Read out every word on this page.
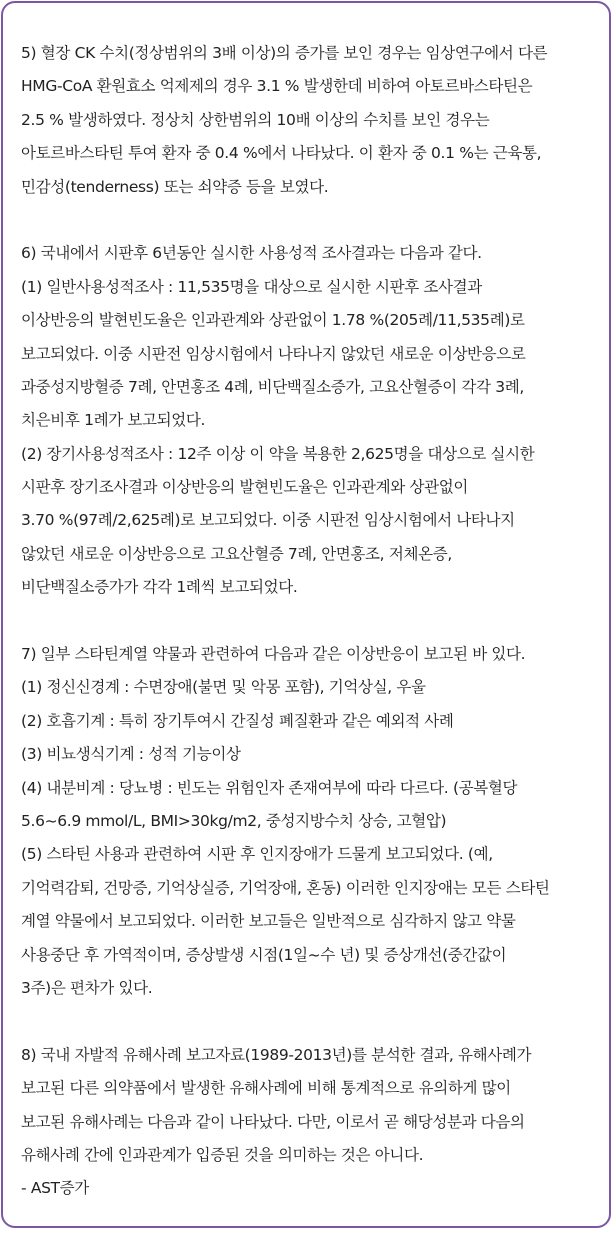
5) 혈장 CK 수치(정상범위의 3배 이상)의 증가를 보인 경우는 임상연구에서 다른
HMG-CoA 환원효소 억제제의 경우 3.1 % 발생한데 비하여 아토르바스타틴은
2.5 % 발생하였다. 정상치 상한범위의 10배 이상의 수치를 보인 경우는
아토르바스타틴 투여 환자 중 0.4 %에서 나타났다. 이 환자 중 0.1 %는 근육통,
민감성(tenderness) 또는 쇠약증 등을 보였다.
6) 국내에서 시판후 6년동안 실시한 사용성적 조사결과는 다음과 같다.
(1) 일반사용성적조사 : 11,535명을 대상으로 실시한 시판후 조사결과
이상반응의 발현빈도율은 인과관계와 상관없이 1.78 %(205례/11,535례)로
보고되었다. 이중 시판전 임상시험에서 나타나지 않았던 새로운 이상반응으로
과중성지방혈증 7례, 안면홍조 4례, 비단백질소증가, 고요산혈증이 각각 3례,
치은비후 1례가 보고되었다.
(2) 장기사용성적조사 : 12주 이상 이 약을 복용한 2,625명을 대상으로 실시한
시판후 장기조사결과 이상반응의 발현빈도율은 인과관계와 상관없이
3.70 %(97례/2,625례)로 보고되었다. 이중 시판전 임상시험에서 나타나지
않았던 새로운 이상반응으로 고요산혈증 7례, 안면홍조, 저체온증,
비단백질소증가가 각각 1례씩 보고되었다.
7) 일부 스타틴계열 약물과 관련하여 다음과 같은 이상반응이 보고된 바 있다.
(1) 정신신경계 : 수면장애(불면 및 악몽 포함), 기억상실, 우울
(2) 호흡기계 : 특히 장기투여시 간질성 폐질환과 같은 예외적 사례
(3) 비뇨생식기계 : 성적 기능이상
(4) 내분비계 : 당뇨병 : 빈도는 위험인자 존재여부에 따라 다르다. (공복혈당
5.6~6.9 mmol/L, BMI>30kg/m2, 중성지방수치 상승, 고혈압)
(5) 스타틴 사용과 관련하여 시판 후 인지장애가 드물게 보고되었다. (예,
기억력감퇴, 건망증, 기억상실증, 기억장애, 혼동) 이러한 인지장애는 모든 스타틴
계열 약물에서 보고되었다. 이러한 보고들은 일반적으로 심각하지 않고 약물
사용중단 후 가역적이며, 증상발생 시점(1일~수 년) 및 증상개선(중간값이
3주)은 편차가 있다.
8) 국내 자발적 유해사례 보고자료(1989-2013년)를 분석한 결과, 유해사례가
보고된 다른 의약품에서 발생한 유해사례에 비해 통계적으로 유의하게 많이
보고된 유해사례는 다음과 같이 나타났다. 다만, 이로서 곧 해당성분과 다음의
유해사례 간에 인과관계가 입증된 것을 의미하는 것은 아니다.
- AST증가
